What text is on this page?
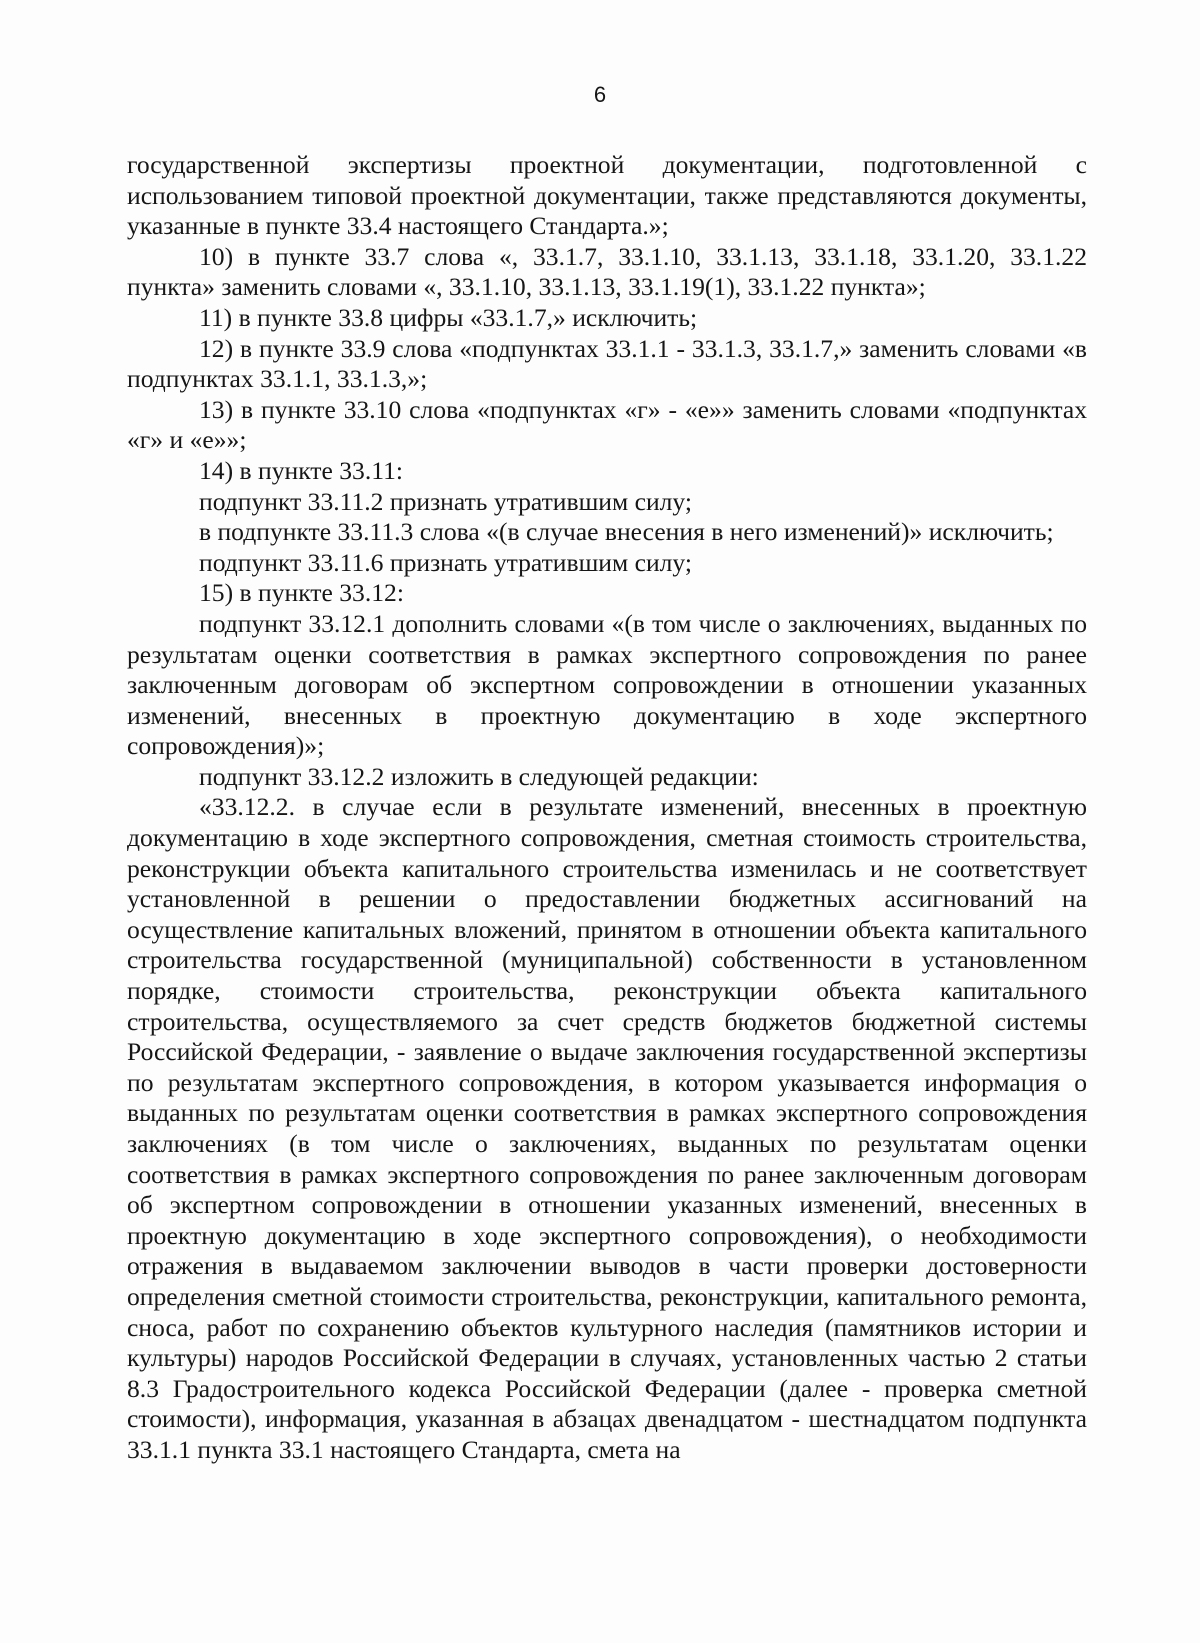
6

государственной экспертизы проектной документации, подготовленной с использованием типовой проектной документации, также представляются документы, указанные в пункте 33.4 настоящего Стандарта.»;

10) в пункте 33.7 слова «, 33.1.7, 33.1.10, 33.1.13, 33.1.18, 33.1.20, 33.1.22 пункта» заменить словами «, 33.1.10, 33.1.13, 33.1.19(1), 33.1.22 пункта»;

11) в пункте 33.8 цифры «33.1.7,» исключить;

12) в пункте 33.9 слова «подпунктах 33.1.1 - 33.1.3, 33.1.7,» заменить словами «в подпунктах 33.1.1, 33.1.3,»;

13) в пункте 33.10 слова «подпунктах «г» - «е»» заменить словами «подпунктах «г» и «е»»;

14) в пункте 33.11:

подпункт 33.11.2 признать утратившим силу;

в подпункте 33.11.3 слова «(в случае внесения в него изменений)» исключить;

подпункт 33.11.6 признать утратившим силу;

15) в пункте 33.12:

подпункт 33.12.1 дополнить словами «(в том числе о заключениях, выданных по результатам оценки соответствия в рамках экспертного сопровождения по ранее заключенным договорам об экспертном сопровождении в отношении указанных изменений, внесенных в проектную документацию в ходе экспертного сопровождения)»;

подпункт 33.12.2 изложить в следующей редакции:

«33.12.2. в случае если в результате изменений, внесенных в проектную документацию в ходе экспертного сопровождения, сметная стоимость строительства, реконструкции объекта капитального строительства изменилась и не соответствует установленной в решении о предоставлении бюджетных ассигнований на осуществление капитальных вложений, принятом в отношении объекта капитального строительства государственной (муниципальной) собственности в установленном порядке, стоимости строительства, реконструкции объекта капитального строительства, осуществляемого за счет средств бюджетов бюджетной системы Российской Федерации, - заявление о выдаче заключения государственной экспертизы по результатам экспертного сопровождения, в котором указывается информация о выданных по результатам оценки соответствия в рамках экспертного сопровождения заключениях (в том числе о заключениях, выданных по результатам оценки соответствия в рамках экспертного сопровождения по ранее заключенным договорам об экспертном сопровождении в отношении указанных изменений, внесенных в проектную документацию в ходе экспертного сопровождения), о необходимости отражения в выдаваемом заключении выводов в части проверки достоверности определения сметной стоимости строительства, реконструкции, капитального ремонта, сноса, работ по сохранению объектов культурного наследия (памятников истории и культуры) народов Российской Федерации в случаях, установленных частью 2 статьи 8.3 Градостроительного кодекса Российской Федерации (далее - проверка сметной стоимости), информация, указанная в абзацах двенадцатом - шестнадцатом подпункта 33.1.1 пункта 33.1 настоящего Стандарта, смета на
